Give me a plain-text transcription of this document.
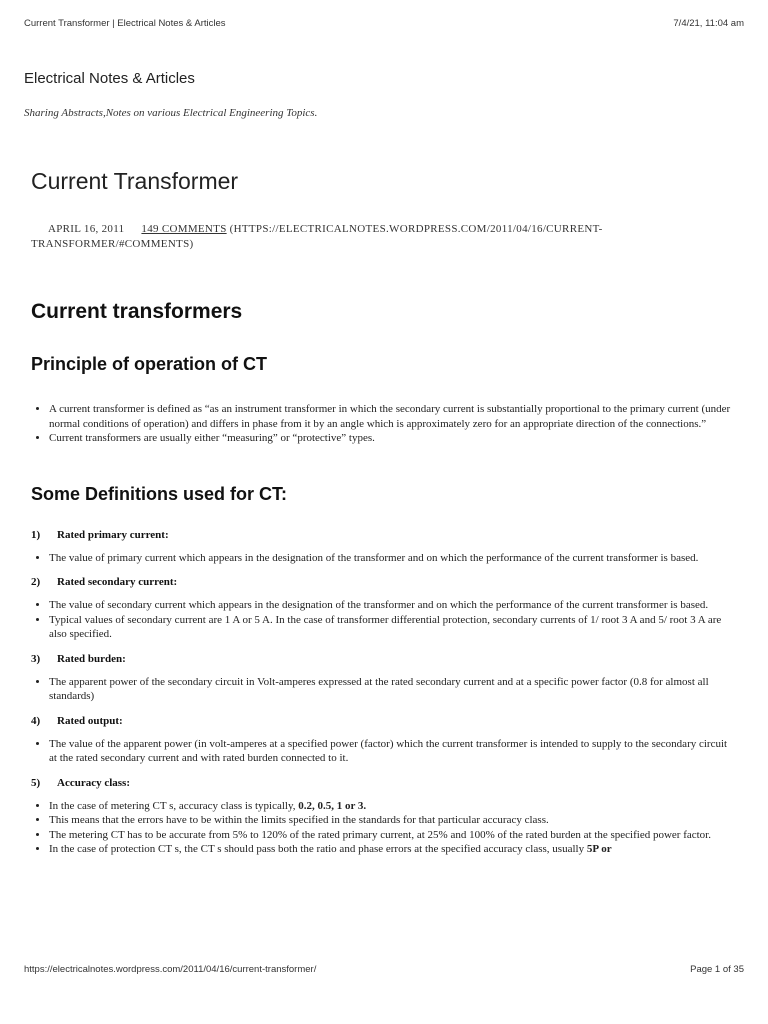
Current Transformer | Electrical Notes & Articles	7/4/21, 11:04 am
Electrical Notes & Articles
Sharing Abstracts,Notes on various Electrical Engineering Topics.
Current Transformer
APRIL 16, 2011 149 COMMENTS (HTTPS://ELECTRICALNOTES.WORDPRESS.COM/2011/04/16/CURRENT-
TRANSFORMER/#COMMENTS)
Current transformers
Principle of operation of CT
• A current transformer is defined as “as an instrument transformer in which the secondary current is substantially proportional to the primary current (under normal conditions of operation) and differs in phase from it by an angle which is approximately zero for an appropriate direction of the connections.”
• Current transformers are usually either “measuring” or “protective” types.
Some Definitions used for CT:
1) Rated primary current:
• The value of primary current which appears in the designation of the transformer and on which the performance of the current transformer is based.
2) Rated secondary current:
• The value of secondary current which appears in the designation of the transformer and on which the performance of the current transformer is based.
• Typical values of secondary current are 1 A or 5 A. In the case of transformer differential protection, secondary currents of 1/ root 3 A and 5/ root 3 A are also specified.
3) Rated burden:
• The apparent power of the secondary circuit in Volt-amperes expressed at the rated secondary current and at a specific power factor (0.8 for almost all standards)
4) Rated output:
• The value of the apparent power (in volt-amperes at a specified power (factor) which the current transformer is intended to supply to the secondary circuit at the rated secondary current and with rated burden connected to it.
5) Accuracy class:
• In the case of metering CT s, accuracy class is typically, 0.2, 0.5, 1 or 3.
• This means that the errors have to be within the limits specified in the standards for that particular accuracy class.
• The metering CT has to be accurate from 5% to 120% of the rated primary current, at 25% and 100% of the rated burden at the specified power factor.
• In the case of protection CT s, the CT s should pass both the ratio and phase errors at the specified accuracy class, usually 5P or
https://electricalnotes.wordpress.com/2011/04/16/current-transformer/	Page 1 of 35
